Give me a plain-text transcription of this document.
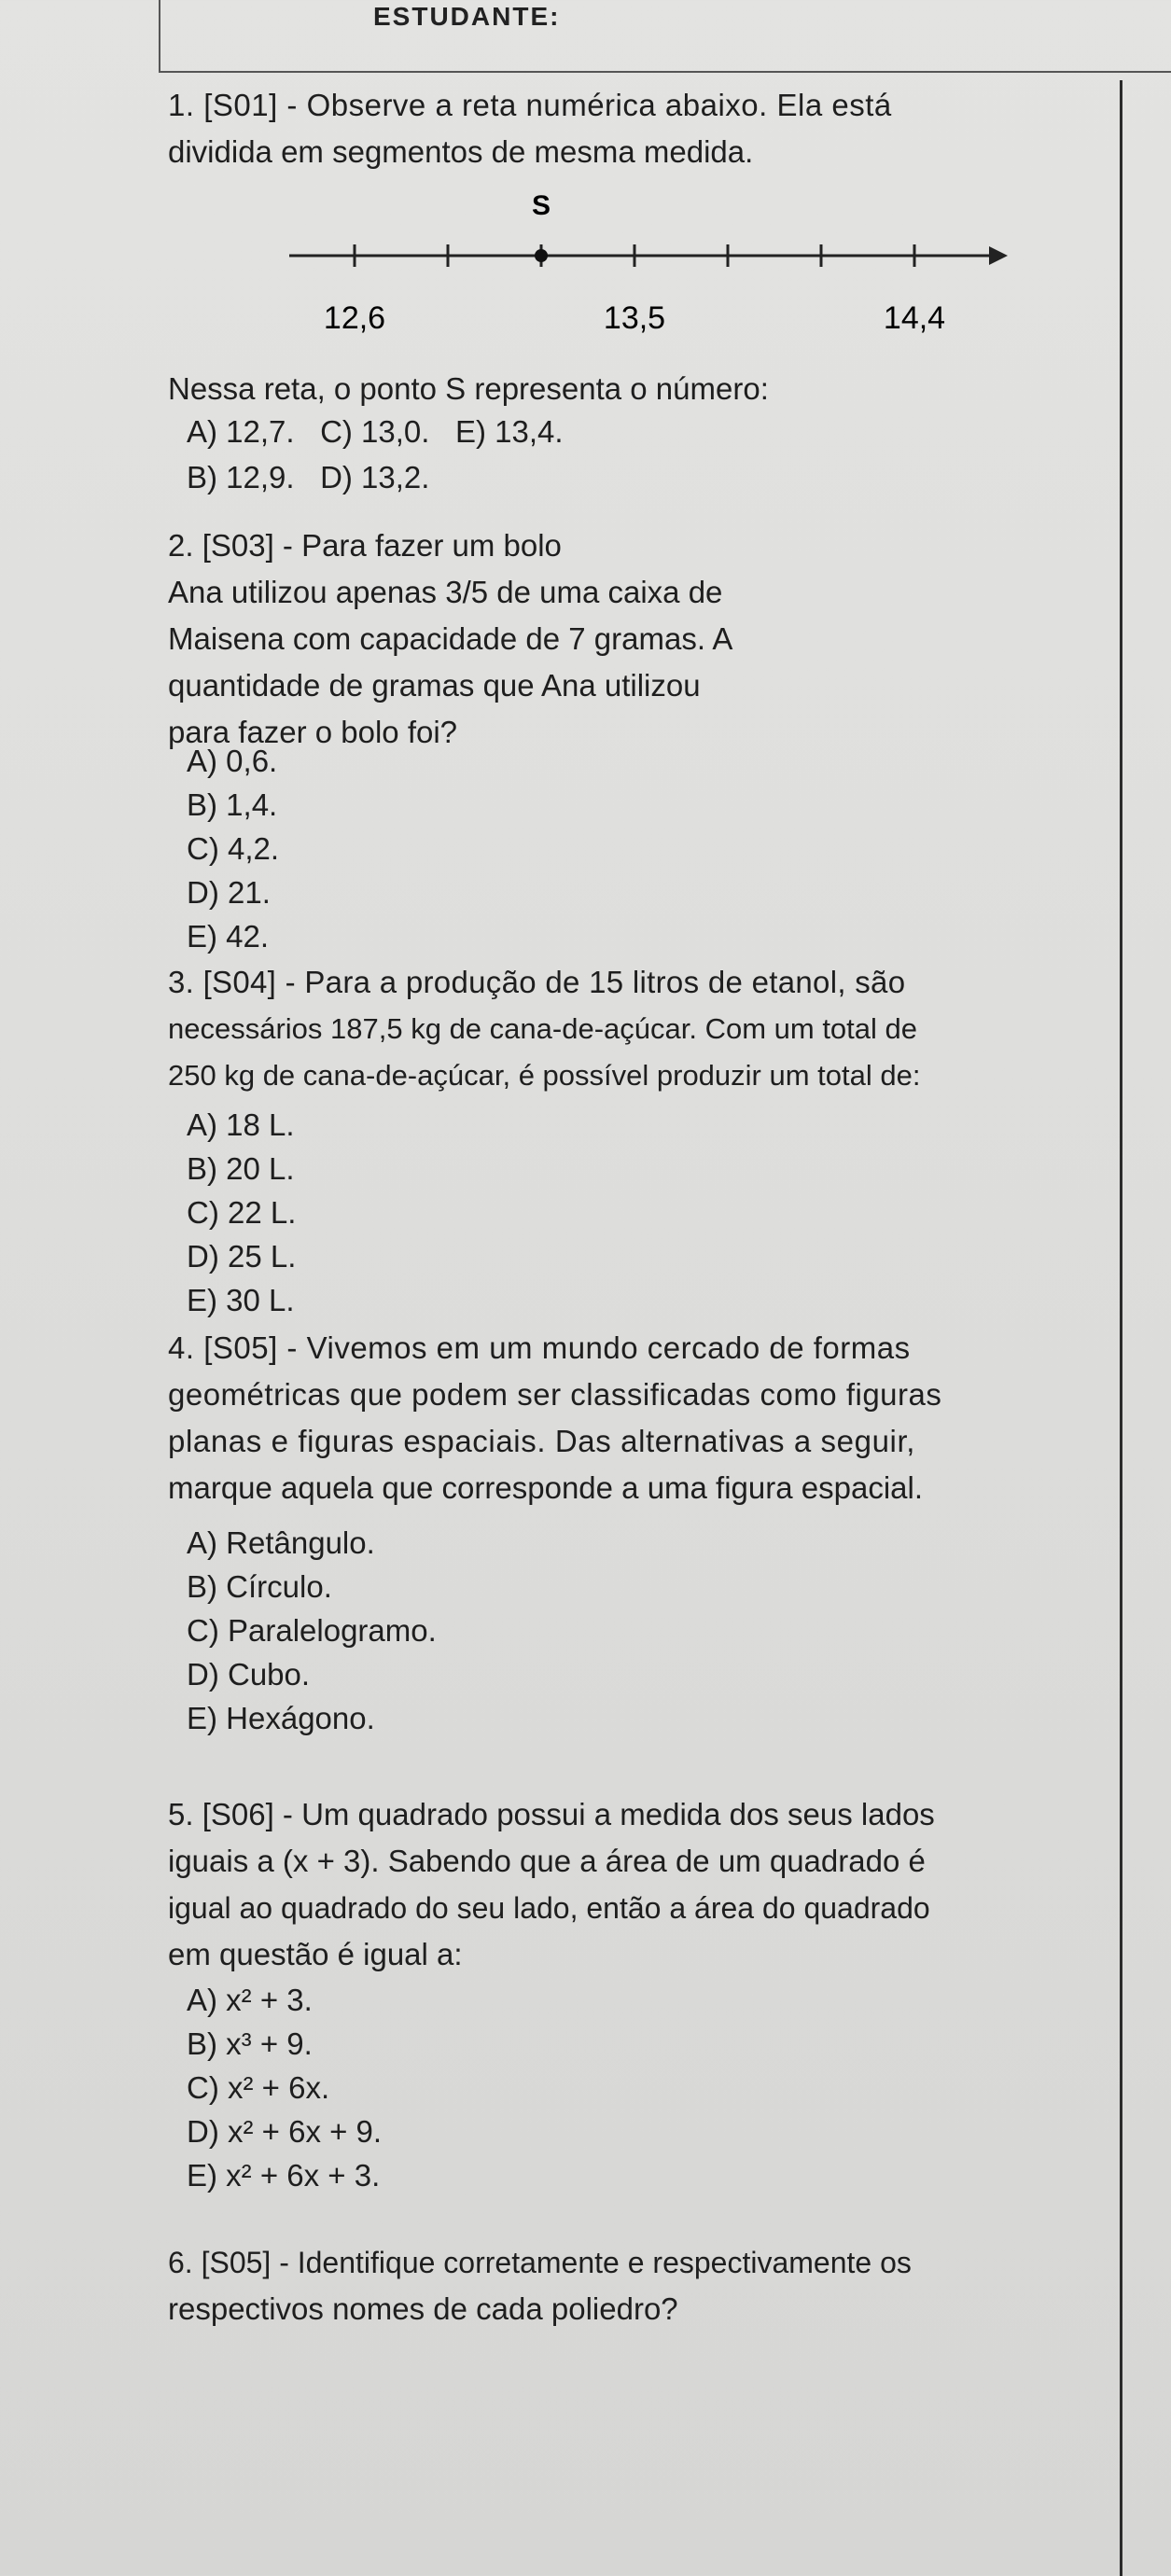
ESTUDANTE:

1. [S01] - Observe a reta numérica abaixo. Ela está

dividida em segmentos de mesma medida.

S
12,6	13,5	14,4

Nessa reta, o ponto S representa o número:

A) 12,7.   C) 13,0.   E) 13,4.
B) 12,9.   D) 13,2.

2. [S03] - Para fazer um bolo

Ana utilizou apenas 3/5 de uma caixa de

Maisena com capacidade de 7 gramas. A

quantidade de gramas que Ana utilizou

para fazer o bolo foi?

A) 0,6.
B) 1,4.
C) 4,2.
D) 21.
E) 42.

3. [S04] - Para a produção de 15 litros de etanol, são

necessários 187,5 kg de cana-de-açúcar. Com um total de

250 kg de cana-de-açúcar, é possível produzir um total de:

A) 18 L.
B) 20 L.
C) 22 L.
D) 25 L.
E) 30 L.

4. [S05] - Vivemos em um mundo cercado de formas

geométricas que podem ser classificadas como figuras

planas e figuras espaciais. Das alternativas a seguir,

marque aquela que corresponde a uma figura espacial.

A) Retângulo.
B) Círculo.
C) Paralelogramo.
D) Cubo.
E) Hexágono.

5. [S06] - Um quadrado possui a medida dos seus lados

iguais a (x + 3). Sabendo que a área de um quadrado é

igual ao quadrado do seu lado, então a área do quadrado

em questão é igual a:

A) x² + 3.
B) x³ + 9.
C) x² + 6x.
D) x² + 6x + 9.
E) x² + 6x + 3.

6. [S05] - Identifique corretamente e respectivamente os

respectivos nomes de cada poliedro?
